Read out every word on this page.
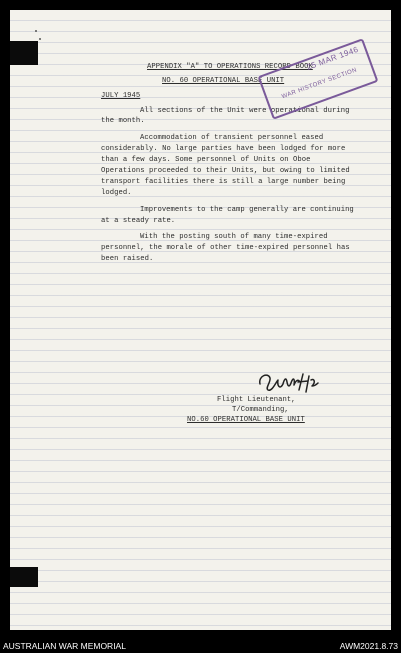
APPENDIX "A" TO OPERATIONS RECORD BOOK
NO. 60 OPERATIONAL BASE UNIT
JULY 1945
All sections of the Unit were operational during
the month.
Accommodation of transient personnel eased
considerably. No large parties have been lodged for more
than a few days. Some personnel of Units on Oboe
Operations proceeded to their Units, but owing to limited
transport facilities there is still a large number being
lodged.
Improvements to the camp generally are continuing
at a steady rate.
With the posting south of many time-expired
personnel, the morale of other time-expired personnel has
been raised.
Flight Lieutenant,
T/Commanding,
NO.60 OPERATIONAL BASE UNIT
25 MAR 1946
WAR HISTORY SECTION
AUSTRALIAN WAR MEMORIAL	AWM2021.8.73
